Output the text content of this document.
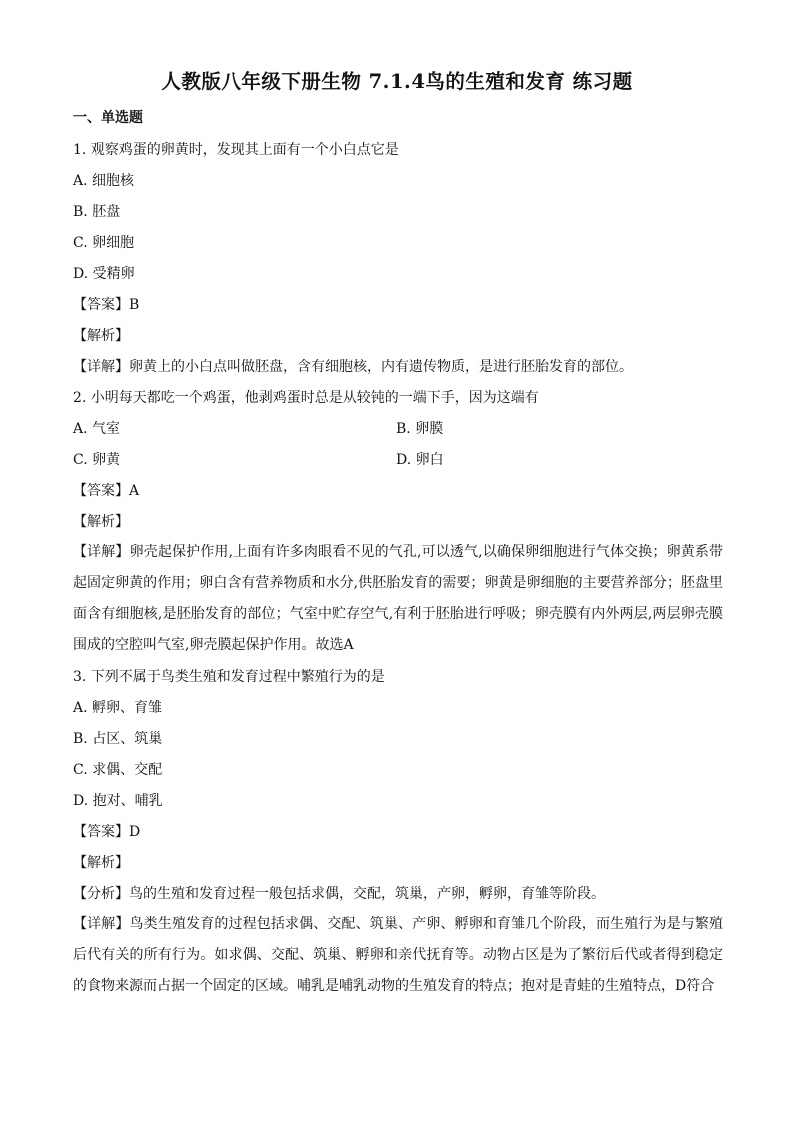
人教版八年级下册生物 7.1.4鸟的生殖和发育 练习题
一、单选题
1. 观察鸡蛋的卵黄时，发现其上面有一个小白点它是
A. 细胞核
B. 胚盘
C. 卵细胞
D. 受精卵
【答案】B
【解析】
【详解】卵黄上的小白点叫做胚盘，含有细胞核，内有遗传物质，是进行胚胎发育的部位。
2. 小明每天都吃一个鸡蛋，他剥鸡蛋时总是从较钝的一端下手，因为这端有
A. 气室	B. 卵膜
C. 卵黄	D. 卵白
【答案】A
【解析】
【详解】卵壳起保护作用,上面有许多肉眼看不见的气孔,可以透气,以确保卵细胞进行气体交换；卵黄系带起固定卵黄的作用；卵白含有营养物质和水分,供胚胎发育的需要；卵黄是卵细胞的主要营养部分；胚盘里面含有细胞核,是胚胎发育的部位；气室中贮存空气,有利于胚胎进行呼吸；卵壳膜有内外两层,两层卵壳膜围成的空腔叫气室,卵壳膜起保护作用。故选A
3. 下列不属于鸟类生殖和发育过程中繁殖行为的是
A. 孵卵、育雏
B. 占区、筑巢
C. 求偶、交配
D. 抱对、哺乳
【答案】D
【解析】
【分析】鸟的生殖和发育过程一般包括求偶，交配，筑巢，产卵，孵卵，育雏等阶段。
【详解】鸟类生殖发育的过程包括求偶、交配、筑巢、产卵、孵卵和育雏几个阶段，而生殖行为是与繁殖后代有关的所有行为。如求偶、交配、筑巢、孵卵和亲代抚育等。动物占区是为了繁衍后代或者得到稳定的食物来源而占据一个固定的区域。哺乳是哺乳动物的生殖发育的特点；抱对是青蛙的生殖特点，D符合
